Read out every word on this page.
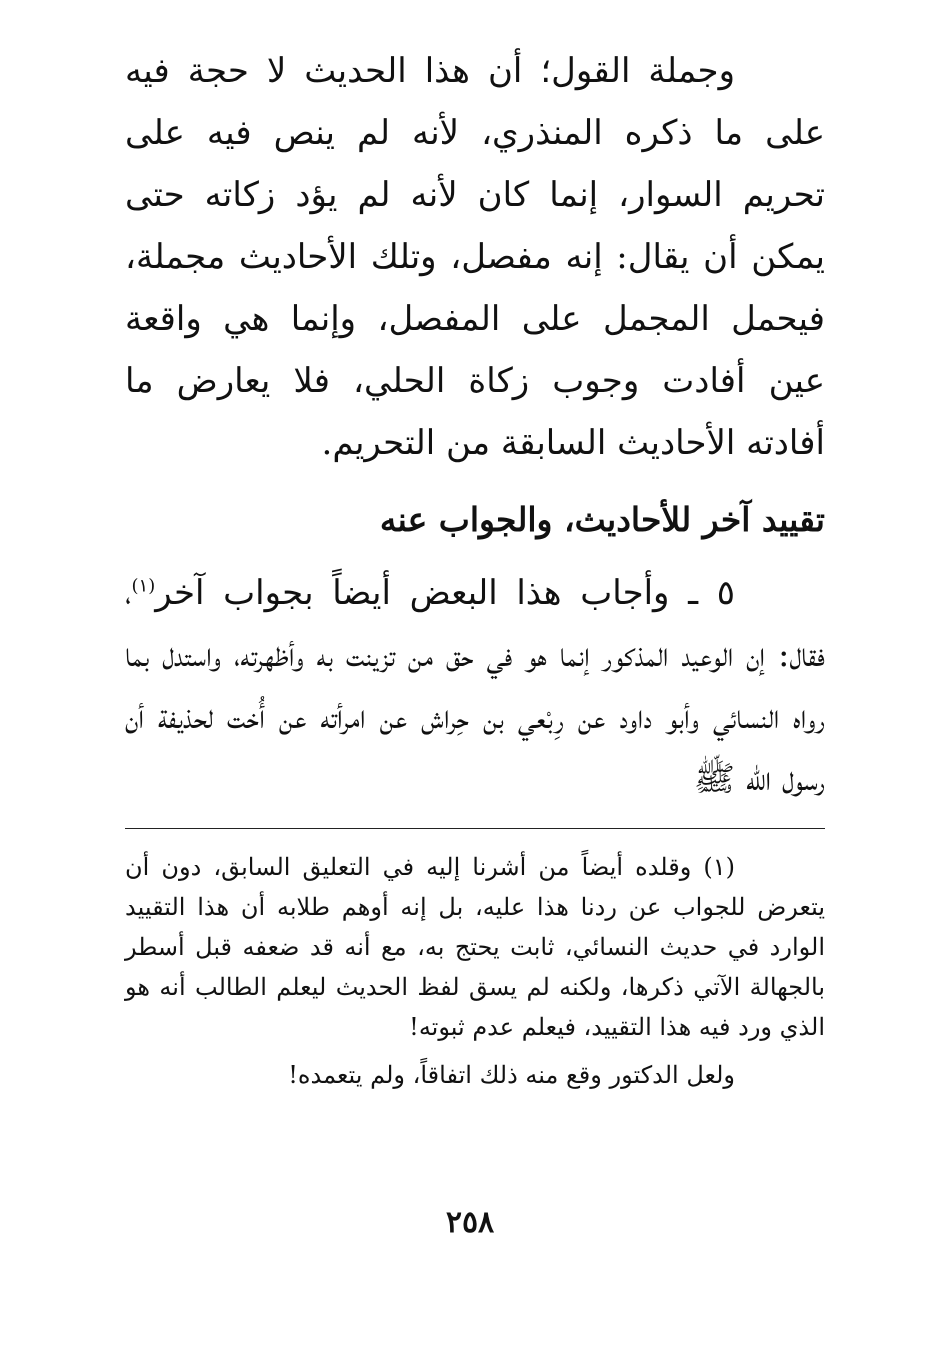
وجملة القول؛ أن هذا الحديث لا حجة فيه على ما ذكره المنذري، لأنه لم ينص فيه على تحريم السوار، إنما كان لأنه لم يؤد زكاته حتى يمكن أن يقال: إنه مفصل، وتلك الأحاديث مجملة، فيحمل المجمل على المفصل، وإنما هي واقعة عين أفادت وجوب زكاة الحلي، فلا يعارض ما أفادته الأحاديث السابقة من التحريم.

تقييد آخر للأحاديث، والجواب عنه

٥ ـ وأجاب هذا البعض أيضاً بجواب آخر$^{(١)}$، فقال: إن الوعيد المذكور إنما هو في حق من تزينت به وأظهرته، واستدل بما رواه النسائي وأبو داود عن رِبْعي بن حِراش عن امرأته عن أُخت لحذيفة أن رسول الله ﷺ

(١) وقلده أيضاً من أشرنا إليه في التعليق السابق، دون أن يتعرض للجواب عن ردنا هذا عليه، بل إنه أوهم طلابه أن هذا التقييد الوارد في حديث النسائي، ثابت يحتج به، مع أنه قد ضعفه قبل أسطر بالجهالة الآتي ذكرها، ولكنه لم يسق لفظ الحديث ليعلم الطالب أنه هو الذي ورد فيه هذا التقييد، فيعلم عدم ثبوته!

ولعل الدكتور وقع منه ذلك اتفاقاً، ولم يتعمده!

٢٥٨
